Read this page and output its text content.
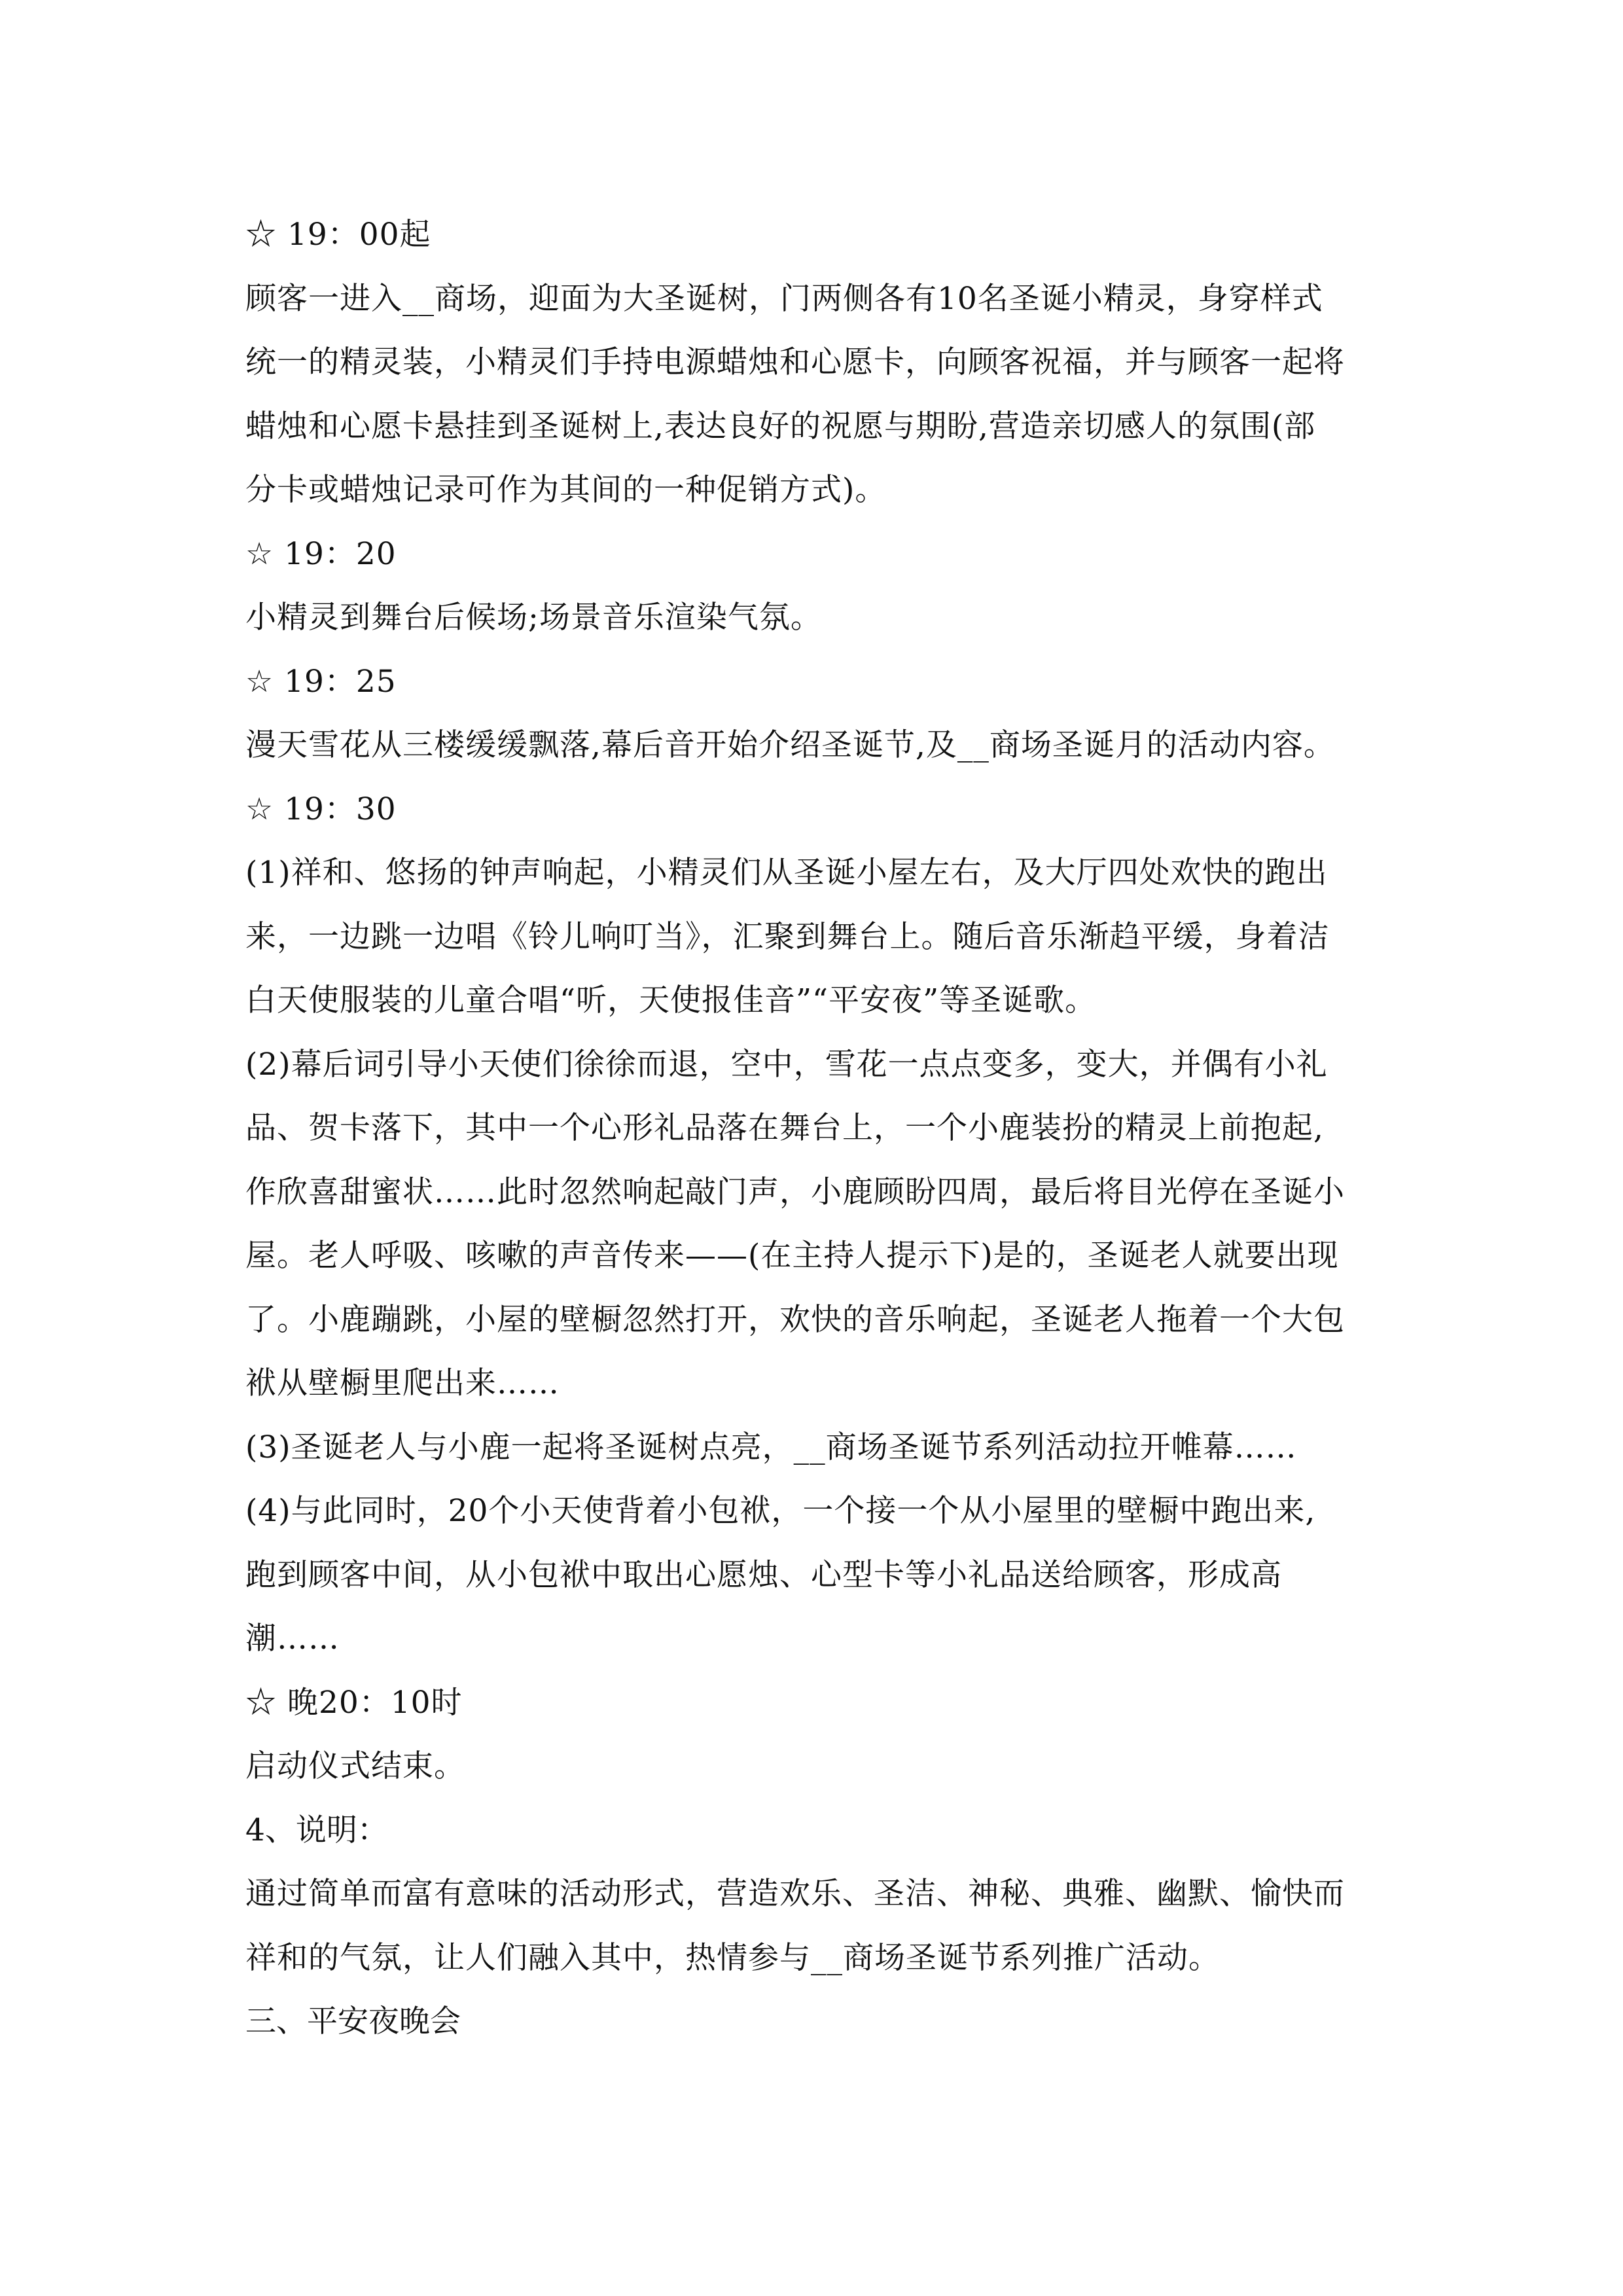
☆ 19：00起
顾客一进入__商场，迎面为大圣诞树，门两侧各有10名圣诞小精灵，身穿样式
统一的精灵装，小精灵们手持电源蜡烛和心愿卡，向顾客祝福，并与顾客一起将
蜡烛和心愿卡悬挂到圣诞树上,表达良好的祝愿与期盼,营造亲切感人的氛围(部
分卡或蜡烛记录可作为其间的一种促销方式)。
☆ 19：20
小精灵到舞台后候场;场景音乐渲染气氛。
☆ 19：25
漫天雪花从三楼缓缓飘落,幕后音开始介绍圣诞节,及__商场圣诞月的活动内容。
☆ 19：30
(1)祥和、悠扬的钟声响起，小精灵们从圣诞小屋左右，及大厅四处欢快的跑出
来，一边跳一边唱《铃儿响叮当》，汇聚到舞台上。随后音乐渐趋平缓，身着洁
白天使服装的儿童合唱“听，天使报佳音”“平安夜”等圣诞歌。
(2)幕后词引导小天使们徐徐而退，空中，雪花一点点变多，变大，并偶有小礼
品、贺卡落下，其中一个心形礼品落在舞台上，一个小鹿装扮的精灵上前抱起,
作欣喜甜蜜状……此时忽然响起敲门声，小鹿顾盼四周，最后将目光停在圣诞小
屋。老人呼吸、咳嗽的声音传来——(在主持人提示下)是的，圣诞老人就要出现
了。小鹿蹦跳，小屋的壁橱忽然打开，欢快的音乐响起，圣诞老人拖着一个大包
袱从壁橱里爬出来……
(3)圣诞老人与小鹿一起将圣诞树点亮，__商场圣诞节系列活动拉开帷幕……
(4)与此同时，20个小天使背着小包袱，一个接一个从小屋里的壁橱中跑出来,
跑到顾客中间，从小包袱中取出心愿烛、心型卡等小礼品送给顾客，形成高
潮……
☆ 晚20：10时
启动仪式结束。
4、说明：
通过简单而富有意味的活动形式，营造欢乐、圣洁、神秘、典雅、幽默、愉快而
祥和的气氛，让人们融入其中，热情参与__商场圣诞节系列推广活动。
三、平安夜晚会
